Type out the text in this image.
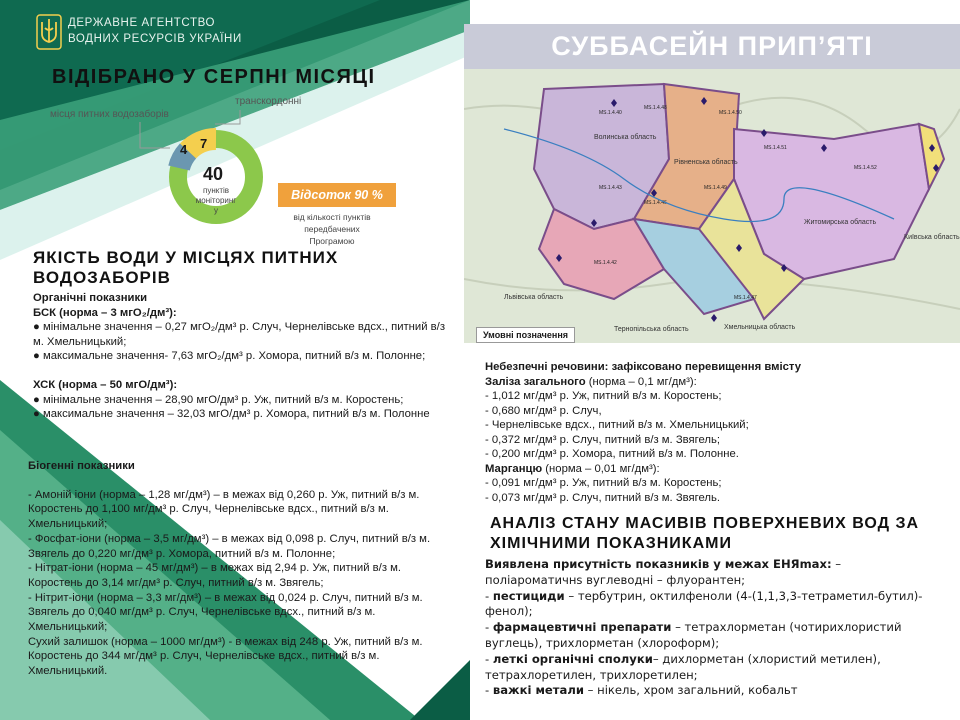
ДЕРЖАВНЕ АГЕНТСТВО
ВОДНИХ РЕСУРСІВ УКРАЇНИ
ВІДІБРАНО У СЕРПНІ МІСЯЦІ
місця питних водозаборів
транскордонні
4 7
40
пунктів моніторинг у
Відсоток 90 %
від кількості пунктів передбачених Програмою
СУББАСЕЙН ПРИП’ЯТІ
Волинська область
Рівненська область
Житомирська область
Київська область
Львівська область
Тернопільська область	Хмельницька область
MS.1.4.40
MS.1.4.48
MS.1.4.50
MS.1.4.51
MS.1.4.52
MS.1.4.43
MS.1.4.46
MS.1.4.49
MS.1.4.42
MS.1.4.47
Умовні позначення
ЯКІСТЬ ВОДИ У МІСЦЯХ ПИТНИХ ВОДОЗАБОРІВ

Органічні показники

БСК (норма – 3 мгО₂/дм³):

● мінімальне значення – 0,27 мгО₂/дм³ р. Случ, Чернелівське вдсх., питний в/з м. Хмельницький;

● максимальне значення- 7,63 мгО₂/дм³ р. Хомора, питний в/з м. Полонне;

ХСК (норма – 50 мгО/дм³):

● мінімальне значення – 28,90 мгО/дм³ р. Уж, питний в/з м. Коростень;

● максимальне значення – 32,03 мгО/дм³ р. Хомора, питний в/з м. Полонне

Біогенні показники

- Амоній іони (норма – 1,28 мг/дм³) – в межах від 0,260 р. Уж, питний в/з м. Коростень до 1,100 мг/дм³ р. Случ, Чернелівське вдсх., питний в/з м. Хмельницький;

- Фосфат-іони (норма – 3,5 мг/дм³) – в межах від 0,098 р. Случ, питний в/з м. Звягель до 0,220 мг/дм³ р. Хомора, питний в/з м. Полонне;

- Нітрат-іони (норма – 45 мг/дм³) – в межах від 2,94 р. Уж, питний в/з м. Коростень до 3,14 мг/дм³ р. Случ, питний в/з м. Звягель;

- Нітрит-іони (норма – 3,3 мг/дм³) – в межах від 0,024 р. Случ, питний в/з м. Звягель до 0,040 мг/дм³ р. Случ, Чернелівське вдсх., питний в/з м. Хмельницький;

Сухий залишок (норма – 1000 мг/дм³) - в межах від 248 р. Уж, питний в/з м. Коростень до 344 мг/дм³ р. Случ, Чернелівське вдсх., питний в/з м. Хмельницький.

Небезпечні речовини: зафіксовано перевищення вмісту

Заліза загального (норма – 0,1 мг/дм³):

- 1,012 мг/дм³ р. Уж, питний в/з м. Коростень;

- 0,680 мг/дм³ р. Случ,

- Чернелівське вдсх., питний в/з м. Хмельницький;

- 0,372 мг/дм³ р. Случ, питний в/з м. Звягель;

- 0,200 мг/дм³ р. Хомора, питний в/з м. Полонне.

Марганцю (норма – 0,01 мг/дм³):

- 0,091 мг/дм³ р. Уж, питний в/з м. Коростень;

- 0,073 мг/дм³ р. Случ, питний в/з м. Звягель.

АНАЛІЗ СТАНУ МАСИВІВ ПОВЕРХНЕВИХ ВОД ЗА ХІМІЧНИМИ ПОКАЗНИКАМИ

Виявлена присутність показників у межах ЕНЯmax: – поліароматичнs вуглеводні – флуорантен;

- пестициди – тербутрин, октилфеноли (4-(1,1,3,3-тетраметил-бутил)-фенол);

- фармацевтичні препарати – тетрахлорметан (чотирихлористий вуглець), трихлорметан (хлороформ);

- леткі органічні сполуки– дихлорметан (хлористий метилен), тетрахлоретилен, трихлоретилен;

- важкі метали – нікель, хром загальний, кобальт
